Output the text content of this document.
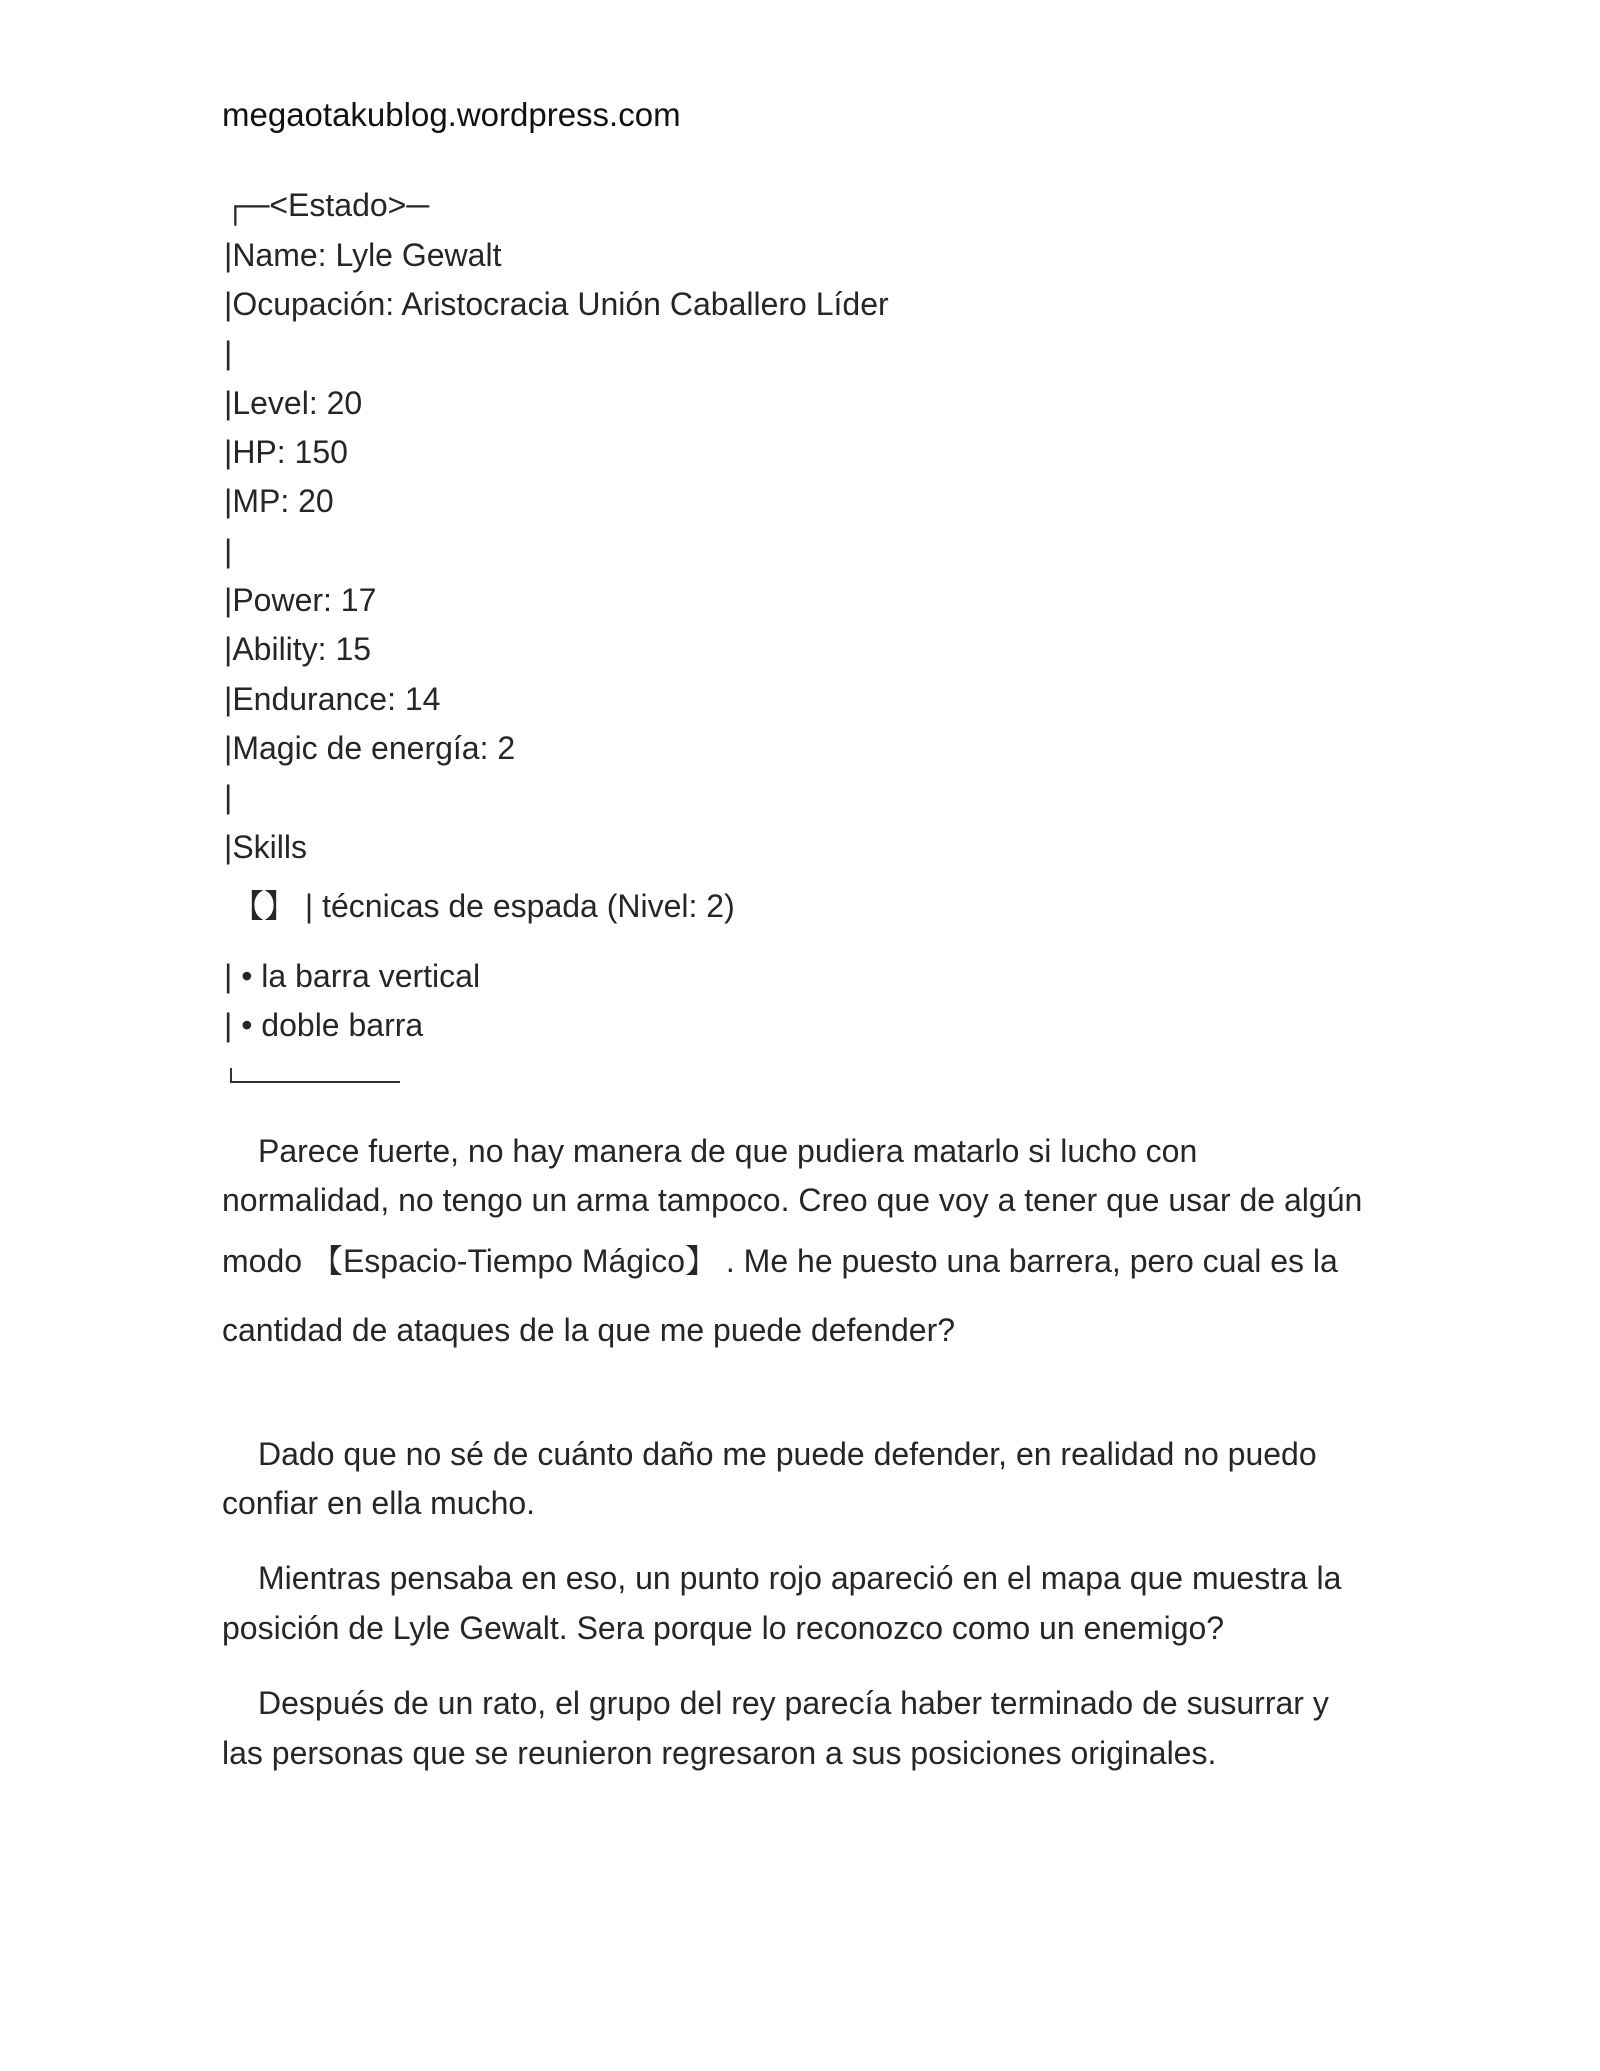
megaotakublog.wordpress.com
┌─<Estado>─
|Name: Lyle Gewalt
|Ocupación: Aristocracia Unión Caballero Líder
|
|Level: 20
|HP: 150
|MP: 20
|
|Power: 17
|Ability: 15
|Endurance: 14
|Magic de energía: 2
|
|Skills
【】 | técnicas de espada (Nivel: 2)
| • la barra vertical
| • doble barra
Parece fuerte, no hay manera de que pudiera matarlo si lucho con
normalidad, no tengo un arma tampoco. Creo que voy a tener que usar de algún
modo 【Espacio-Tiempo Mágico】 . Me he puesto una barrera, pero cual es la
cantidad de ataques de la que me puede defender?
Dado que no sé de cuánto daño me puede defender, en realidad no puedo
confiar en ella mucho.
Mientras pensaba en eso, un punto rojo apareció en el mapa que muestra la
posición de Lyle Gewalt. Sera porque lo reconozco como un enemigo?
Después de un rato, el grupo del rey parecía haber terminado de susurrar y
las personas que se reunieron regresaron a sus posiciones originales.
